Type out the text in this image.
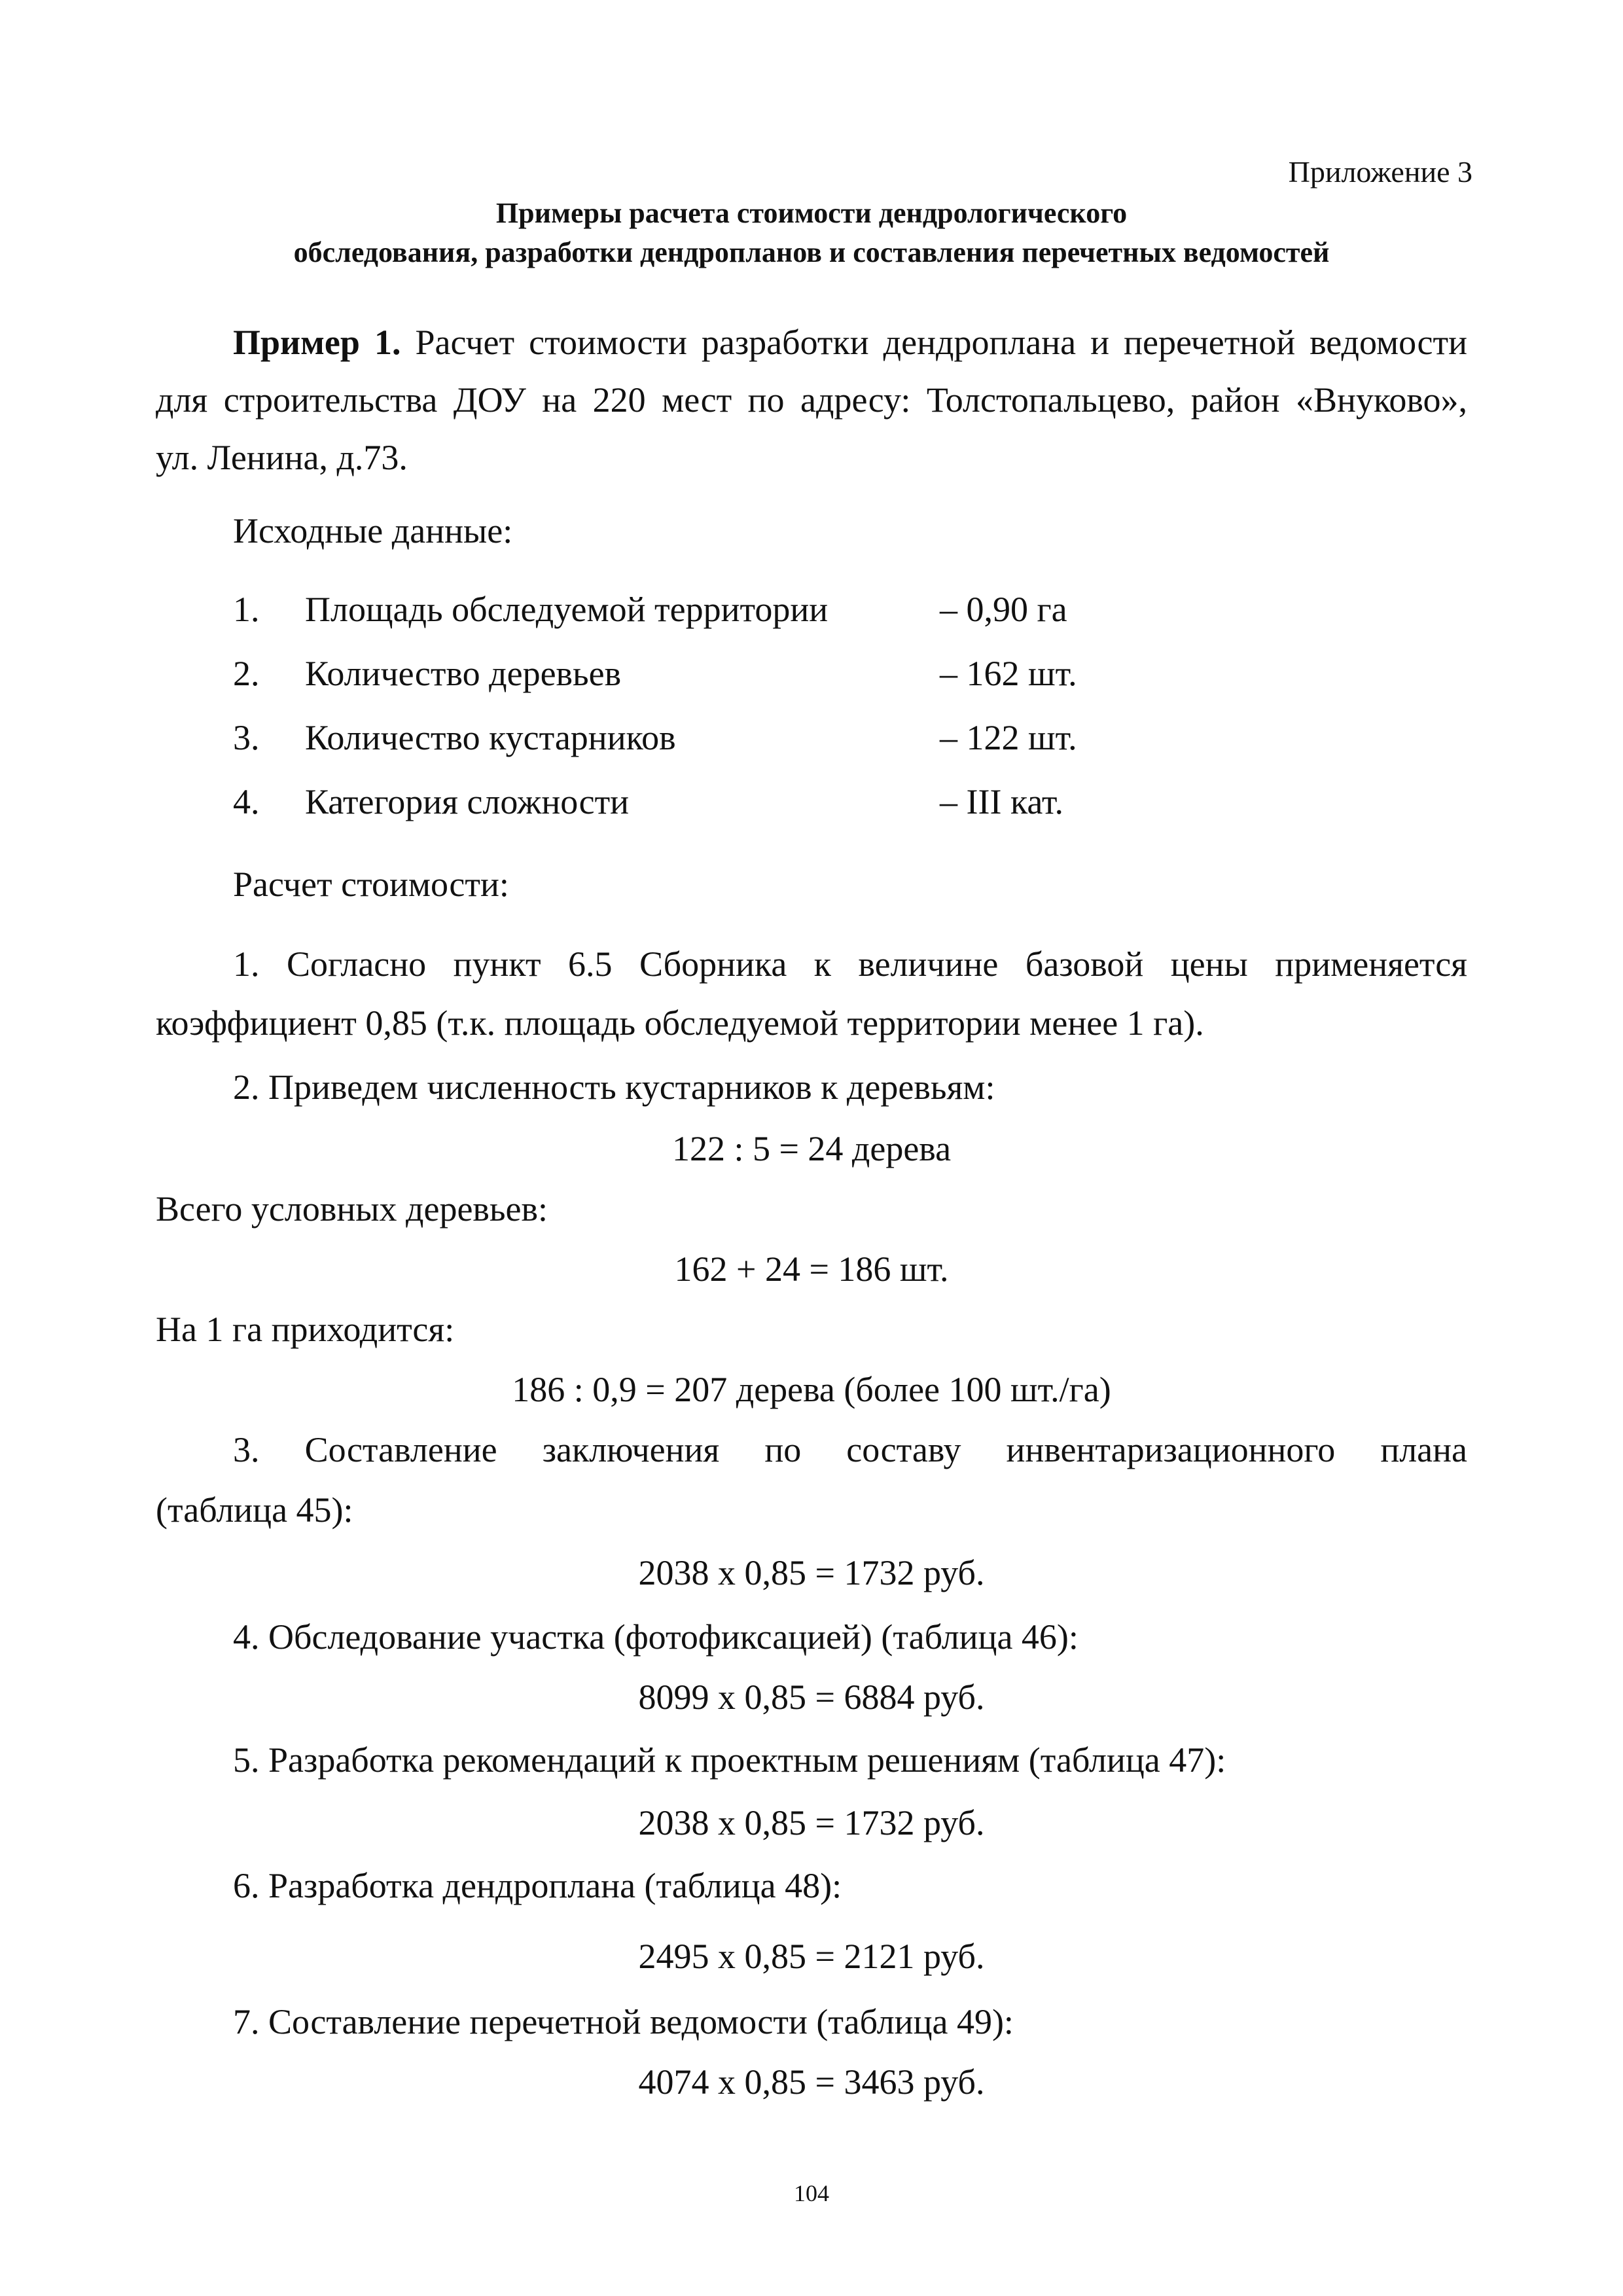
Приложение 3
Примеры расчета стоимости дендрологического
обследования, разработки дендропланов и составления перечетных ведомостей
Пример 1. Расчет стоимости разработки дендроплана и перечетной ведомости
для строительства ДОУ на 220 мест по адресу: Толстопальцево, район «Внуково»,
ул. Ленина, д.73.
Исходные данные:
1. Площадь обследуемой территории	– 0,90 га
2. Количество деревьев	– 162 шт.
3. Количество кустарников	– 122 шт.
4. Категория сложности	– III кат.
Расчет стоимости:
1. Согласно пункт 6.5 Сборника к величине базовой цены применяется
коэффициент 0,85 (т.к. площадь обследуемой территории менее 1 га).
2. Приведем численность кустарников к деревьям:
122 : 5 = 24 дерева
Всего условных деревьев:
162 + 24 = 186 шт.
На 1 га приходится:
186 : 0,9 = 207 дерева (более 100 шт./га)
3. Составление заключения по составу инвентаризационного плана
(таблица 45):
2038 х 0,85 = 1732 руб.
4. Обследование участка (фотофиксацией) (таблица 46):
8099 х 0,85 = 6884 руб.
5. Разработка рекомендаций к проектным решениям (таблица 47):
2038 х 0,85 = 1732 руб.
6. Разработка дендроплана (таблица 48):
2495 х 0,85 = 2121 руб.
7. Составление перечетной ведомости (таблица 49):
4074 х 0,85 = 3463 руб.
104
